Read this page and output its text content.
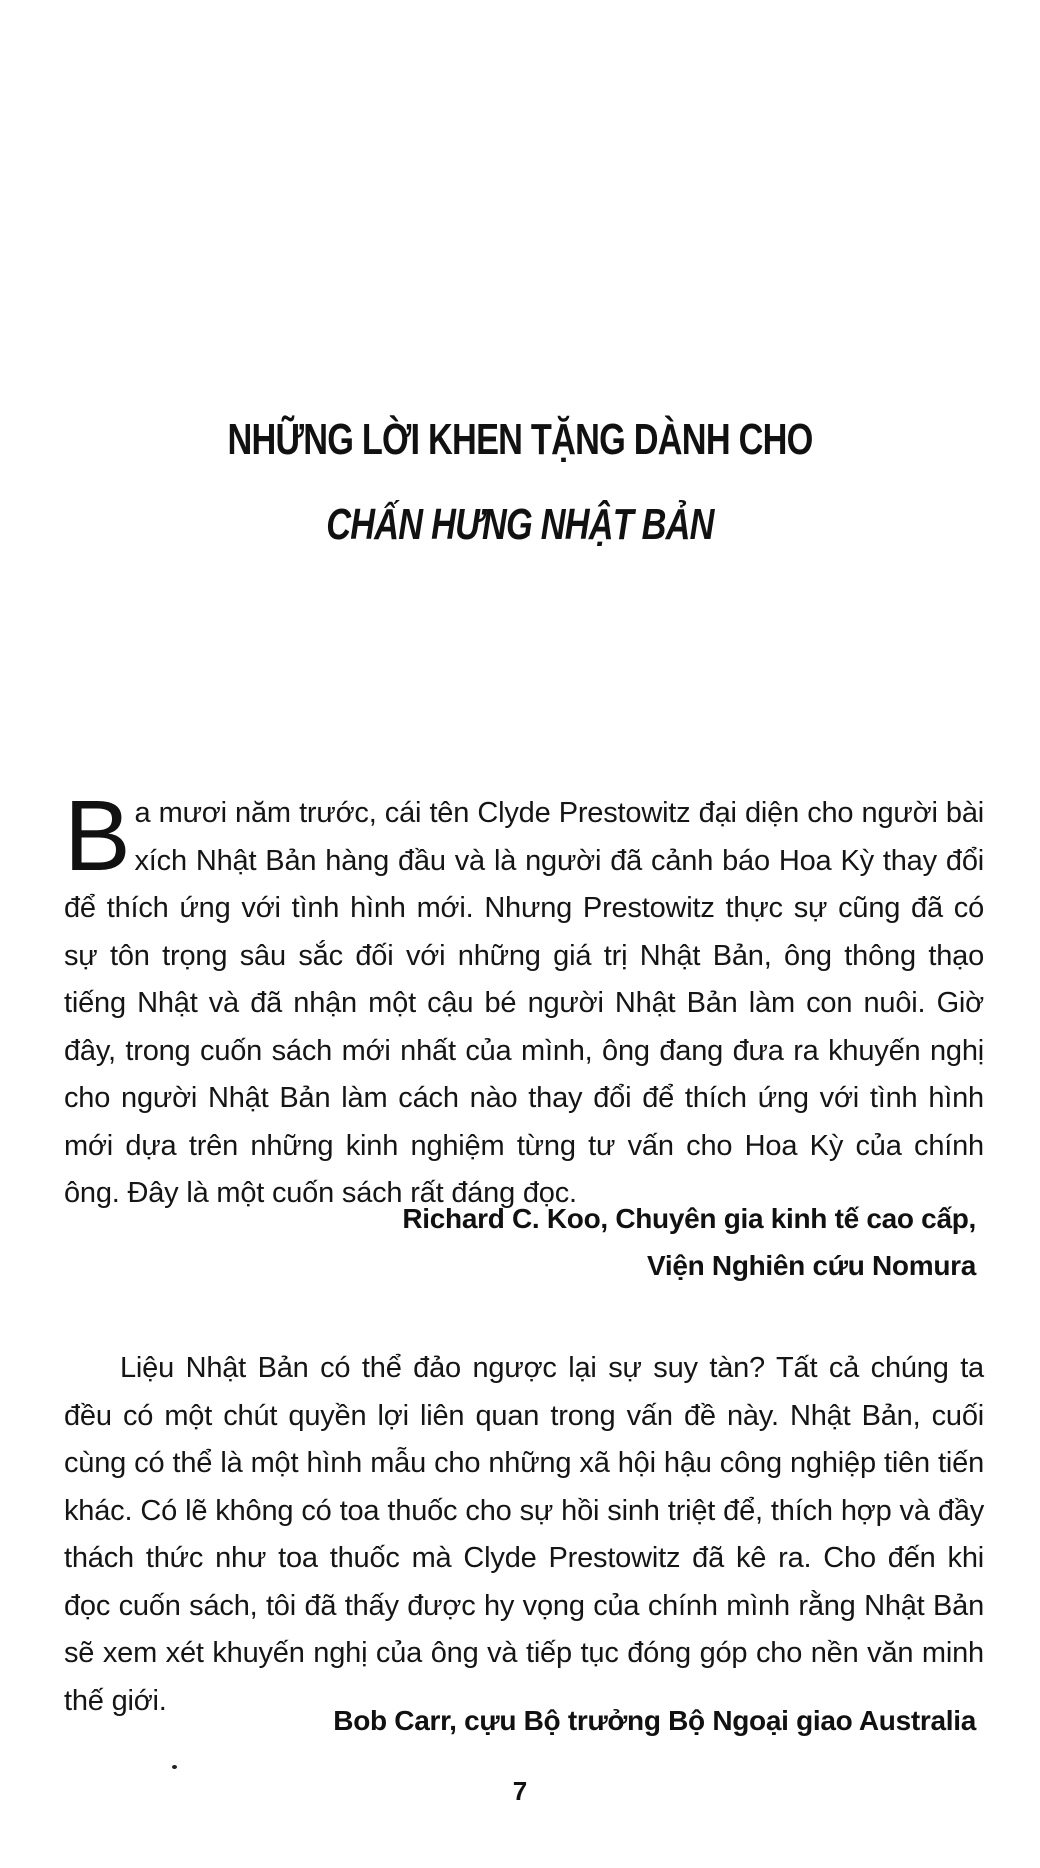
NHỮNG LỜI KHEN TẶNG DÀNH CHO
CHẤN HƯNG NHẬT BẢN
B a mươi năm trước, cái tên Clyde Prestowitz đại diện cho người bài xích Nhật Bản hàng đầu và là người đã cảnh báo Hoa Kỳ thay đổi để thích ứng với tình hình mới. Nhưng Prestowitz thực sự cũng đã có sự tôn trọng sâu sắc đối với những giá trị Nhật Bản, ông thông thạo tiếng Nhật và đã nhận một cậu bé người Nhật Bản làm con nuôi. Giờ đây, trong cuốn sách mới nhất của mình, ông đang đưa ra khuyến nghị cho người Nhật Bản làm cách nào thay đổi để thích ứng với tình hình mới dựa trên những kinh nghiệm từng tư vấn cho Hoa Kỳ của chính ông. Đây là một cuốn sách rất đáng đọc.
Richard C. Koo, Chuyên gia kinh tế cao cấp,
Viện Nghiên cứu Nomura
Liệu Nhật Bản có thể đảo ngược lại sự suy tàn? Tất cả chúng ta đều có một chút quyền lợi liên quan trong vấn đề này. Nhật Bản, cuối cùng có thể là một hình mẫu cho những xã hội hậu công nghiệp tiên tiến khác. Có lẽ không có toa thuốc cho sự hồi sinh triệt để, thích hợp và đầy thách thức như toa thuốc mà Clyde Prestowitz đã kê ra. Cho đến khi đọc cuốn sách, tôi đã thấy được hy vọng của chính mình rằng Nhật Bản sẽ xem xét khuyến nghị của ông và tiếp tục đóng góp cho nền văn minh thế giới.
Bob Carr, cựu Bộ trưởng Bộ Ngoại giao Australia
7
